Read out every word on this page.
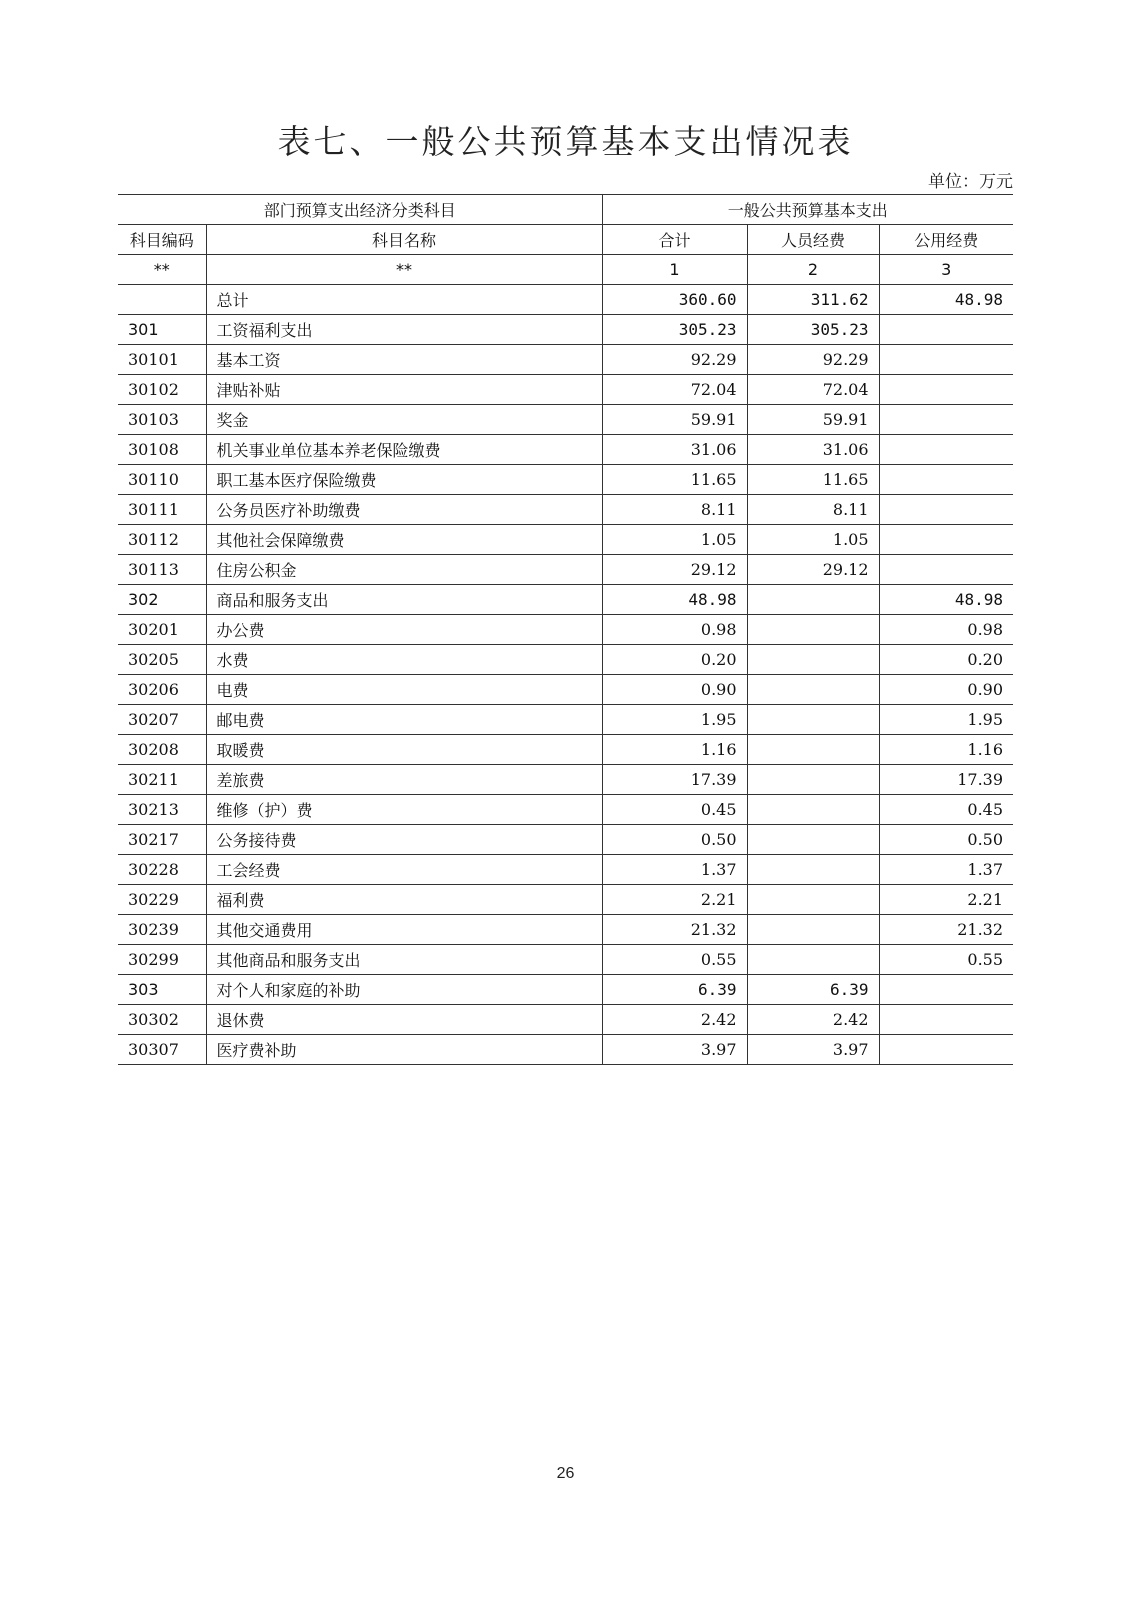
表七、一般公共预算基本支出情况表
单位：万元
部门预算支出经济分类科目		一般公共预算基本支出		
科目编码	科目名称	合计	人员经费	公用经费
**	**	1	2	3
	总计	360.60	311.62	48.98
301	工资福利支出	305.23	305.23	
30101	基本工资	92.29	92.29	
30102	津贴补贴	72.04	72.04	
30103	奖金	59.91	59.91	
30108	机关事业单位基本养老保险缴费	31.06	31.06	
30110	职工基本医疗保险缴费	11.65	11.65	
30111	公务员医疗补助缴费	8.11	8.11	
30112	其他社会保障缴费	1.05	1.05	
30113	住房公积金	29.12	29.12	
302	商品和服务支出	48.98		48.98
30201	办公费	0.98		0.98
30205	水费	0.20		0.20
30206	电费	0.90		0.90
30207	邮电费	1.95		1.95
30208	取暖费	1.16		1.16
30211	差旅费	17.39		17.39
30213	维修（护）费	0.45		0.45
30217	公务接待费	0.50		0.50
30228	工会经费	1.37		1.37
30229	福利费	2.21		2.21
30239	其他交通费用	21.32		21.32
30299	其他商品和服务支出	0.55		0.55
303	对个人和家庭的补助	6.39	6.39	
30302	退休费	2.42	2.42	
30307	医疗费补助	3.97	3.97	
26
